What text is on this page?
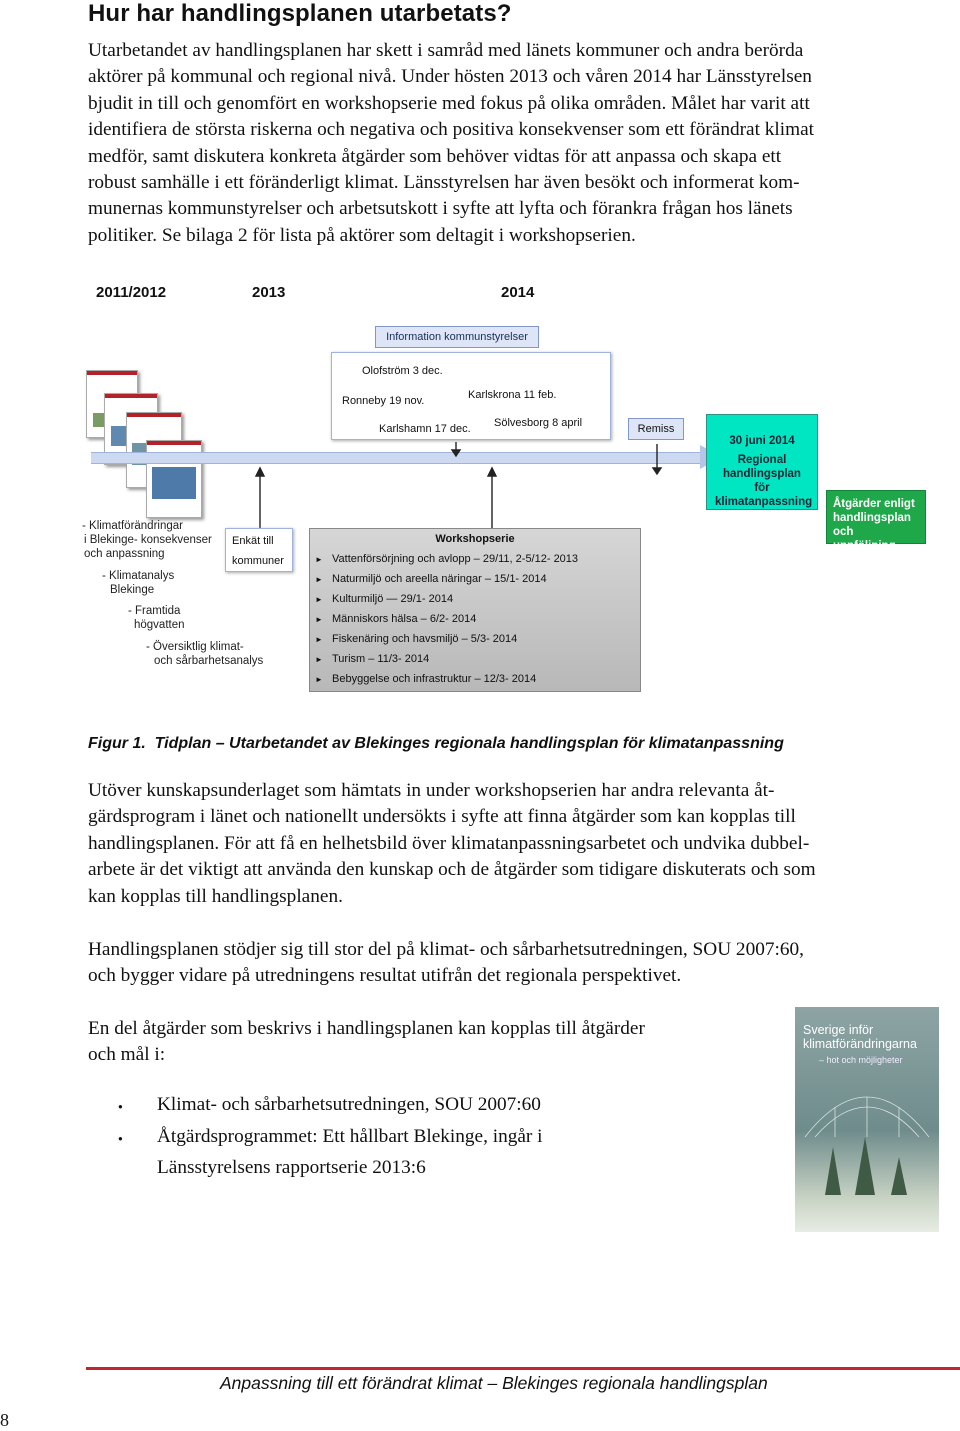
Hur har handlingsplanen utarbetats?
Utarbetandet av handlingsplanen har skett i samråd med länets kommuner och andra berörda
aktörer på kommunal och regional nivå. Under hösten 2013 och våren 2014 har Länsstyrelsen
bjudit in till och genomfört en workshopserie med fokus på olika områden. Målet har varit att
identifiera de största riskerna och negativa och positiva konsekvenser som ett förändrat klimat
medför, samt diskutera konkreta åtgärder som behöver vidtas för att anpassa och skapa ett
robust samhälle i ett föränderligt klimat. Länsstyrelsen har även besökt och informerat kom-
munernas kommunstyrelser och arbetsutskott i syfte att lyfta och förankra frågan hos länets
politiker. Se bilaga 2 för lista på aktörer som deltagit i workshopserien.
2011/2012	2013	2014
Information kommunstyrelser
Olofström 3 dec.
Ronneby 19 nov.	Karlskrona 11 feb.
Karlshamn 17 dec. Sölvesborg 8 april	Remiss
30 juni 2014
Regional handlingsplan för klimatanpassning	Åtgärder enligt handlingsplan och uppföljning
- Klimatförändringar
i Blekinge- konsekvenser
och anpassning
- Klimatanalys
Blekinge
- Framtida
högvatten
- Översiktlig klimat-
och sårbarhetsanalys
Enkät till kommuner
Workshopserie
► Vattenförsörjning och avlopp – 29/11, 2-5/12- 2013
► Naturmiljö och areella näringar – 15/1- 2014
► Kulturmiljö — 29/1- 2014
► Människors hälsa – 6/2- 2014
► Fiskenäring och havsmiljö – 5/3- 2014
► Turism – 11/3- 2014
► Bebyggelse och infrastruktur – 12/3- 2014
Figur 1. Tidplan – Utarbetandet av Blekinges regionala handlingsplan för klimatanpassning
Utöver kunskapsunderlaget som hämtats in under workshopserien har andra relevanta åt-
gärdsprogram i länet och nationellt undersökts i syfte att finna åtgärder som kan kopplas till
handlingsplanen. För att få en helhetsbild över klimatanpassningsarbetet och undvika dubbel-
arbete är det viktigt att använda den kunskap och de åtgärder som tidigare diskuterats och som
kan kopplas till handlingsplanen.
Handlingsplanen stödjer sig till stor del på klimat- och sårbarhetsutredningen, SOU 2007:60,
och bygger vidare på utredningens resultat utifrån det regionala perspektivet.
En del åtgärder som beskrivs i handlingsplanen kan kopplas till åtgärder
och mål i:
● Klimat- och sårbarhetsutredningen, SOU 2007:60
● Åtgärdsprogrammet: Ett hållbart Blekinge, ingår i
Länsstyrelsens rapportserie 2013:6
Sverige inför klimatförändringarna
– hot och möjligheter
Anpassning till ett förändrat klimat – Blekinges regionala handlingsplan
8
